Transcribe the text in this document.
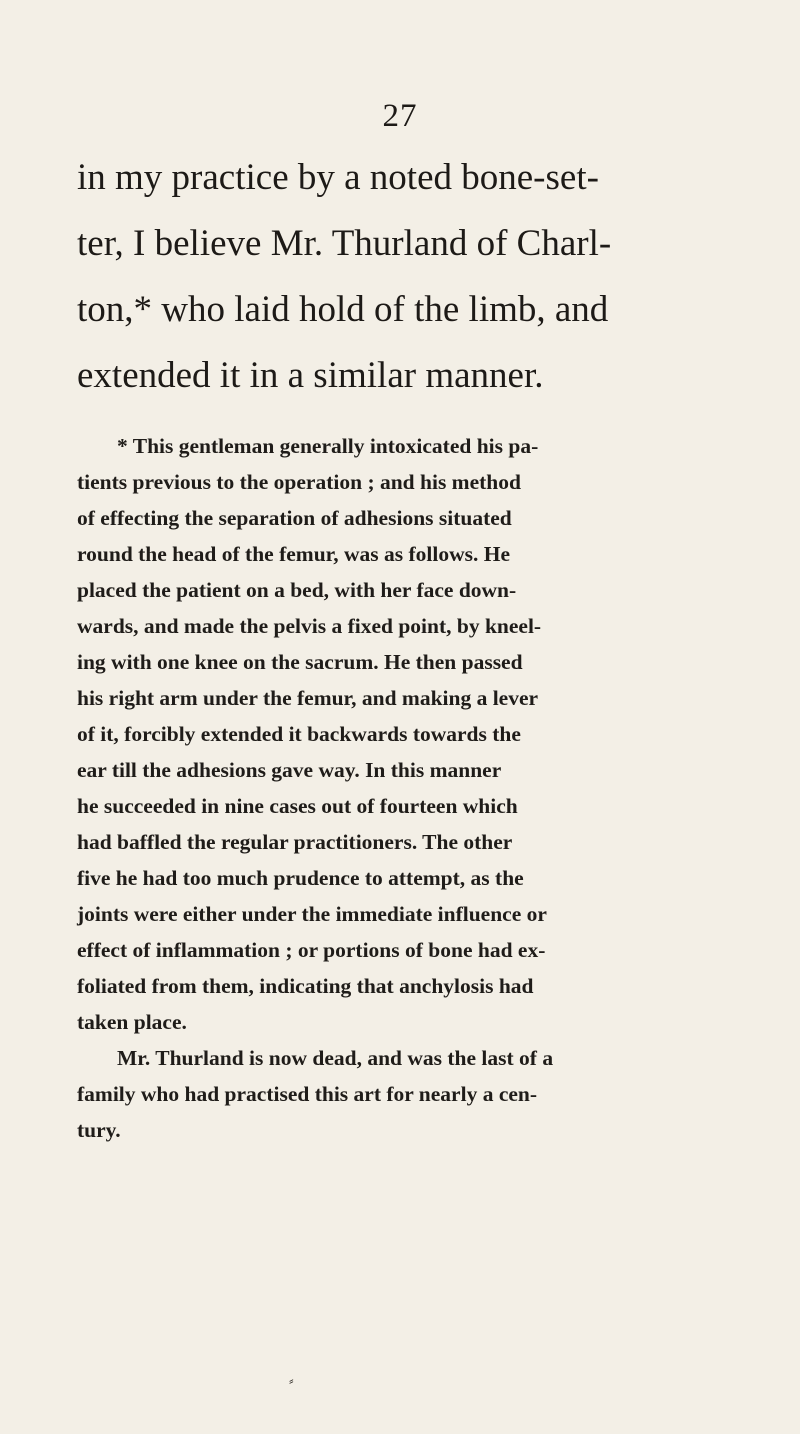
27
in my practice by a noted bone-set-
ter, I believe Mr. Thurland of Charl-
ton,* who laid hold of the limb, and
extended it in a similar manner.
* This gentleman generally intoxicated his pa-
tients previous to the operation ; and his method
of effecting the separation of adhesions situated
round the head of the femur, was as follows. He
placed the patient on a bed, with her face down-
wards, and made the pelvis a fixed point, by kneel-
ing with one knee on the sacrum. He then passed
his right arm under the femur, and making a lever
of it, forcibly extended it backwards towards the
ear till the adhesions gave way. In this manner
he succeeded in nine cases out of fourteen which
had baffled the regular practitioners. The other
five he had too much prudence to attempt, as the
joints were either under the immediate influence or
effect of inflammation ; or portions of bone had ex-
foliated from them, indicating that anchylosis had
taken place.
Mr. Thurland is now dead, and was the last of a
family who had practised this art for nearly a cen-
tury.
⸗
